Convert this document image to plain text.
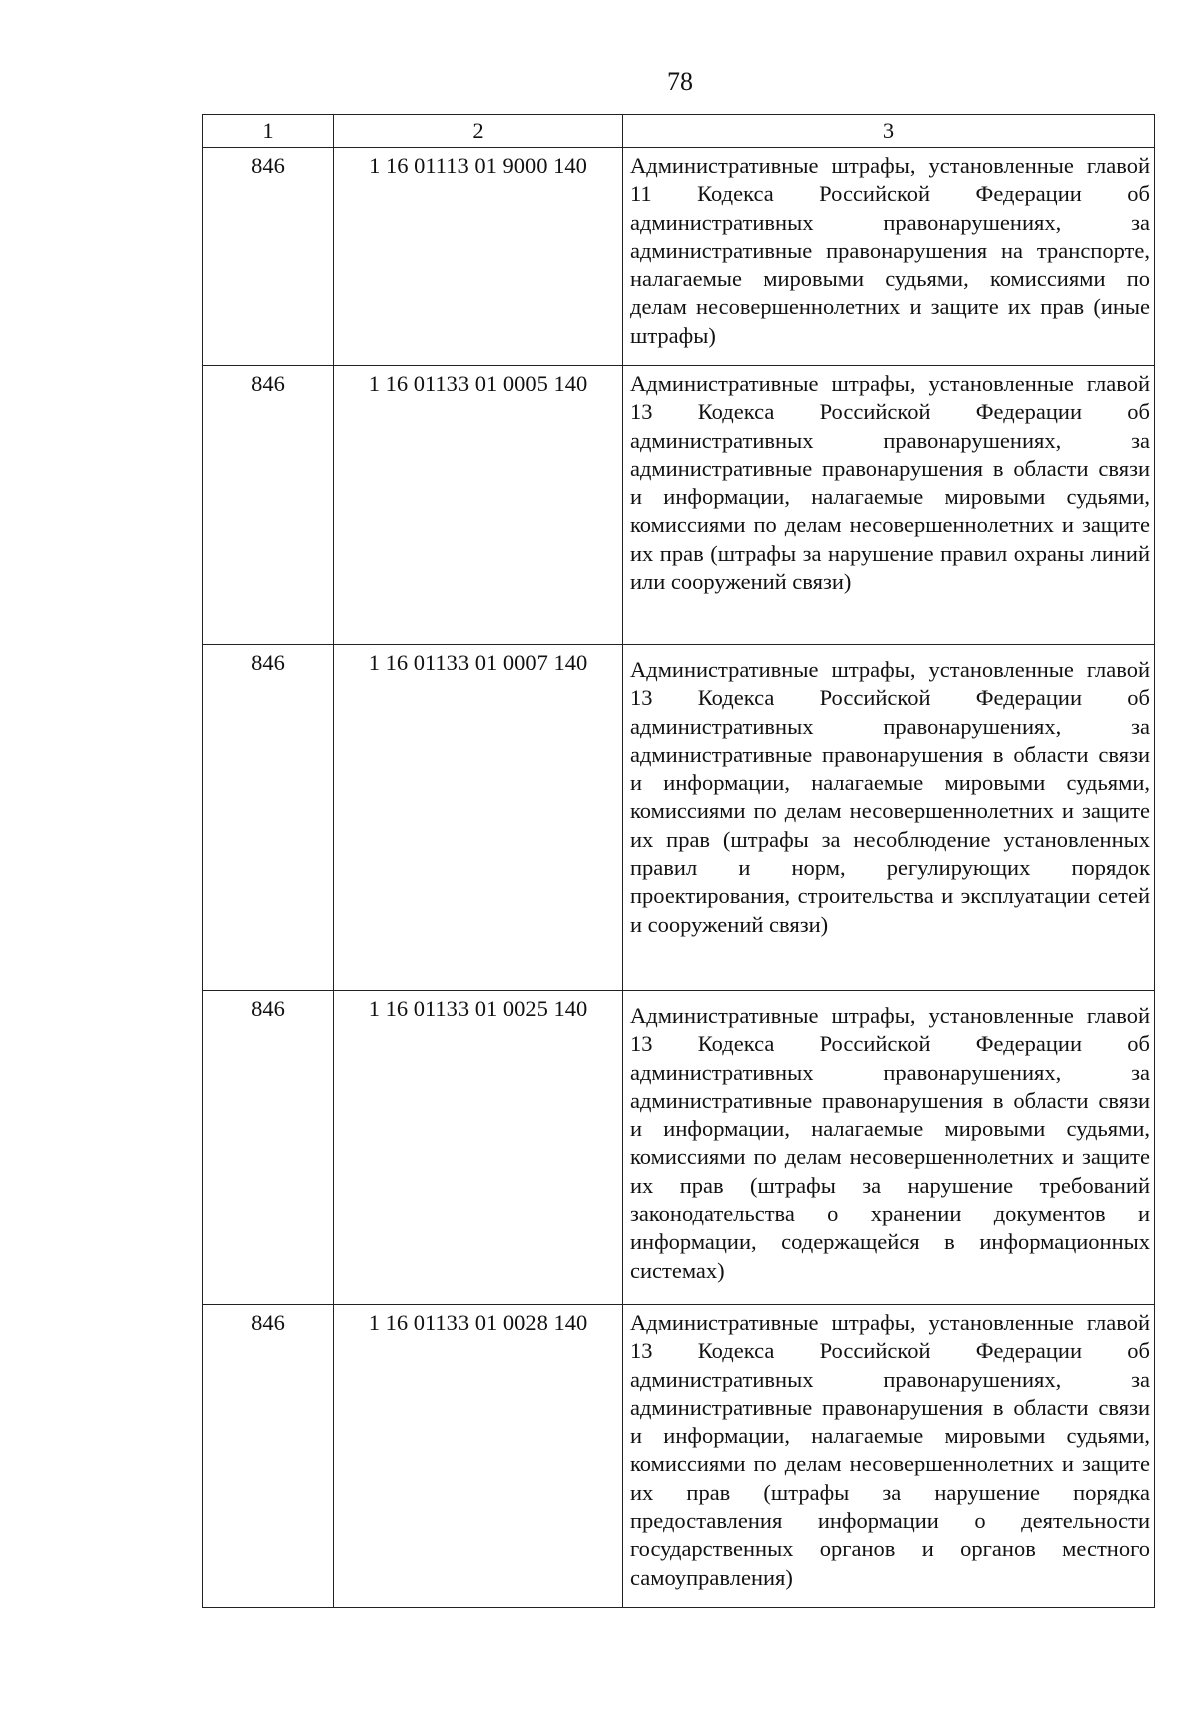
78
1	2	3
846	1 16 01113 01 9000 140	Административные штрафы, установленные главой 11 Кодекса Российской Федерации об административных правонарушениях, за административные правонарушения на транспорте, налагаемые мировыми судьями, комиссиями по делам несовершеннолетних и защите их прав (иные штрафы)
846	1 16 01133 01 0005 140	Административные штрафы, установленные главой 13 Кодекса Российской Федерации об административных правонарушениях, за административные правонарушения в области связи и информации, налагаемые мировыми судьями, комиссиями по делам несовершеннолетних и защите их прав (штрафы за нарушение правил охраны линий или сооружений связи)
846	1 16 01133 01 0007 140	Административные штрафы, установленные главой 13 Кодекса Российской Федерации об административных правонарушениях, за административные правонарушения в области связи и информации, налагаемые мировыми судьями, комиссиями по делам несовершеннолетних и защите их прав (штрафы за несоблюдение установленных правил и норм, регулирующих порядок проектирования, строительства и эксплуатации сетей и сооружений связи)
846	1 16 01133 01 0025 140	Административные штрафы, установленные главой 13 Кодекса Российской Федерации об административных правонарушениях, за административные правонарушения в области связи и информации, налагаемые мировыми судьями, комиссиями по делам несовершеннолетних и защите их прав (штрафы за нарушение требований законодательства о хранении документов и информации, содержащейся в информационных системах)
846	1 16 01133 01 0028 140	Административные штрафы, установленные главой 13 Кодекса Российской Федерации об административных правонарушениях, за административные правонарушения в области связи и информации, налагаемые мировыми судьями, комиссиями по делам несовершеннолетних и защите их прав (штрафы за нарушение порядка предоставления информации о деятельности государственных органов и органов местного самоуправления)
